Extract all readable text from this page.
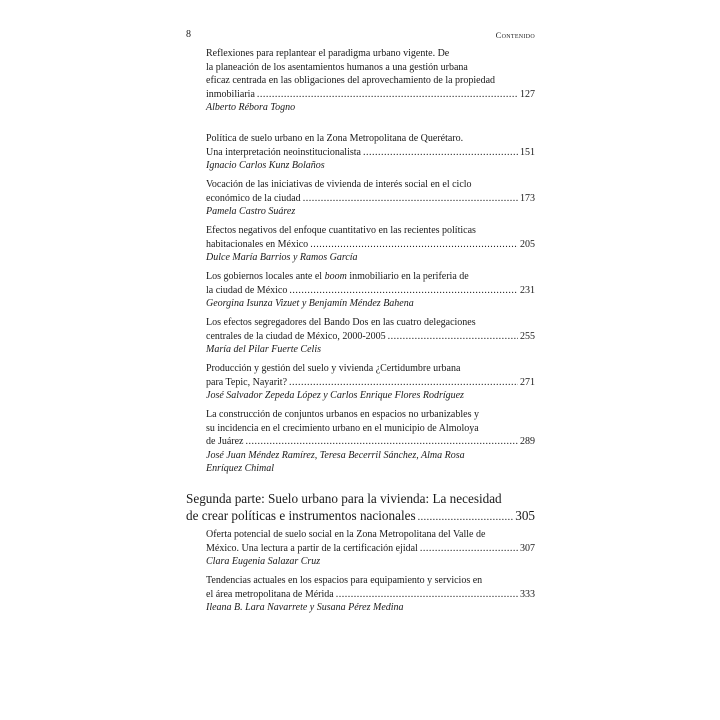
8	Contenido
Reflexiones para replantear el paradigma urbano vigente. De
la planeación de los asentamientos humanos a una gestión urbana
eficaz centrada en las obligaciones del aprovechamiento de la propiedad
inmobiliaria .....	127
Alberto Rébora Togno
Política de suelo urbano en la Zona Metropolitana de Querétaro.
Una interpretación neoinstitucionalista .....	151
Ignacio Carlos Kunz Bolaños
Vocación de las iniciativas de vivienda de interés social en el ciclo
económico de la ciudad .....	173
Pamela Castro Suárez
Efectos negativos del enfoque cuantitativo en las recientes políticas
habitacionales en México .....	205
Dulce María Barrios y Ramos García
Los gobiernos locales ante el boom inmobiliario en la periferia de
la ciudad de México .....	231
Georgina Isunza Vizuet y Benjamín Méndez Bahena
Los efectos segregadores del Bando Dos en las cuatro delegaciones
centrales de la ciudad de México, 2000-2005 .....	255
María del Pilar Fuerte Celis
Producción y gestión del suelo y vivienda ¿Certidumbre urbana
para Tepic, Nayarit? .....	271
José Salvador Zepeda López y Carlos Enrique Flores Rodríguez
La construcción de conjuntos urbanos en espacios no urbanizables y
su incidencia en el crecimiento urbano en el municipio de Almoloya
de Juárez .....	289
José Juan Méndez Ramírez, Teresa Becerril Sánchez, Alma Rosa
Enríquez Chimal
Segunda parte: Suelo urbano para la vivienda: La necesidad
de crear políticas e instrumentos nacionales .....	305
Oferta potencial de suelo social en la Zona Metropolitana del Valle de
México. Una lectura a partir de la certificación ejidal .....	307
Clara Eugenia Salazar Cruz
Tendencias actuales en los espacios para equipamiento y servicios en
el área metropolitana de Mérida .....	333
Ileana B. Lara Navarrete y Susana Pérez Medina
